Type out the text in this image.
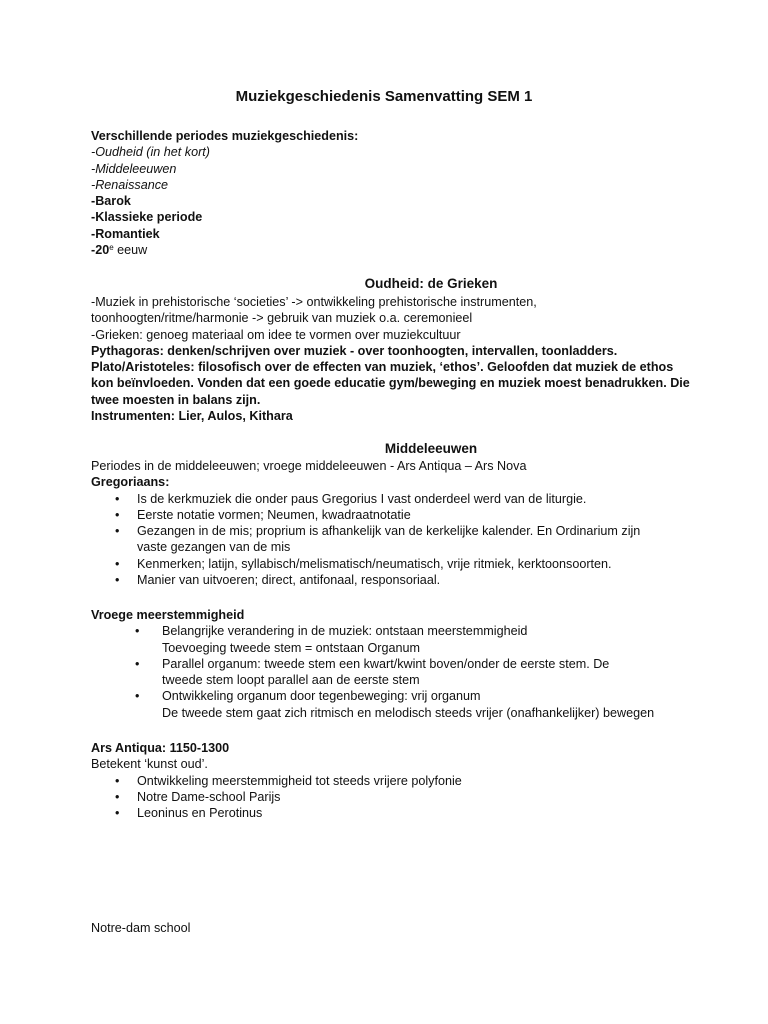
Muziekgeschiedenis Samenvatting SEM 1

Verschillende periodes muziekgeschiedenis:

-Oudheid (in het kort)

-Middeleeuwen

-Renaissance

-Barok

-Klassieke periode

-Romantiek

-20e eeuw

Oudheid: de Grieken

-Muziek in prehistorische ‘societies’ -> ontwikkeling prehistorische instrumenten,

toonhoogten/ritme/harmonie -> gebruik van muziek o.a. ceremonieel

-Grieken: genoeg materiaal om idee te vormen over muziekcultuur

Pythagoras: denken/schrijven over muziek - over toonhoogten, intervallen, toonladders.

Plato/Aristoteles: filosofisch over de effecten van muziek, ‘ethos’. Geloofden dat muziek de ethos

kon beïnvloeden. Vonden dat een goede educatie gym/beweging en muziek moest benadrukken. Die

twee moesten in balans zijn.

Instrumenten: Lier, Aulos, Kithara

Middeleeuwen

Periodes in de middeleeuwen; vroege middeleeuwen - Ars Antiqua – Ars Nova

Gregoriaans:

• Is de kerkmuziek die onder paus Gregorius I vast onderdeel werd van de liturgie.
• Eerste notatie vormen; Neumen, kwadraatnotatie
• Gezangen in de mis; proprium is afhankelijk van de kerkelijke kalender. En Ordinarium zijn
vaste gezangen van de mis
• Kenmerken; latijn, syllabisch/melismatisch/neumatisch, vrije ritmiek, kerktoonsoorten.
• Manier van uitvoeren; direct, antifonaal, responsoriaal.

Vroege meerstemmigheid

• Belangrijke verandering in de muziek: ontstaan meerstemmigheid
Toevoeging tweede stem = ontstaan Organum
• Parallel organum: tweede stem een kwart/kwint boven/onder de eerste stem. De
tweede stem loopt parallel aan de eerste stem
• Ontwikkeling organum door tegenbeweging: vrij organum
De tweede stem gaat zich ritmisch en melodisch steeds vrijer (onafhankelijker) bewegen

Ars Antiqua: 1150-1300

Betekent ‘kunst oud’.

• Ontwikkeling meerstemmigheid tot steeds vrijere polyfonie
• Notre Dame-school Parijs
• Leoninus en Perotinus

Notre-dam school
